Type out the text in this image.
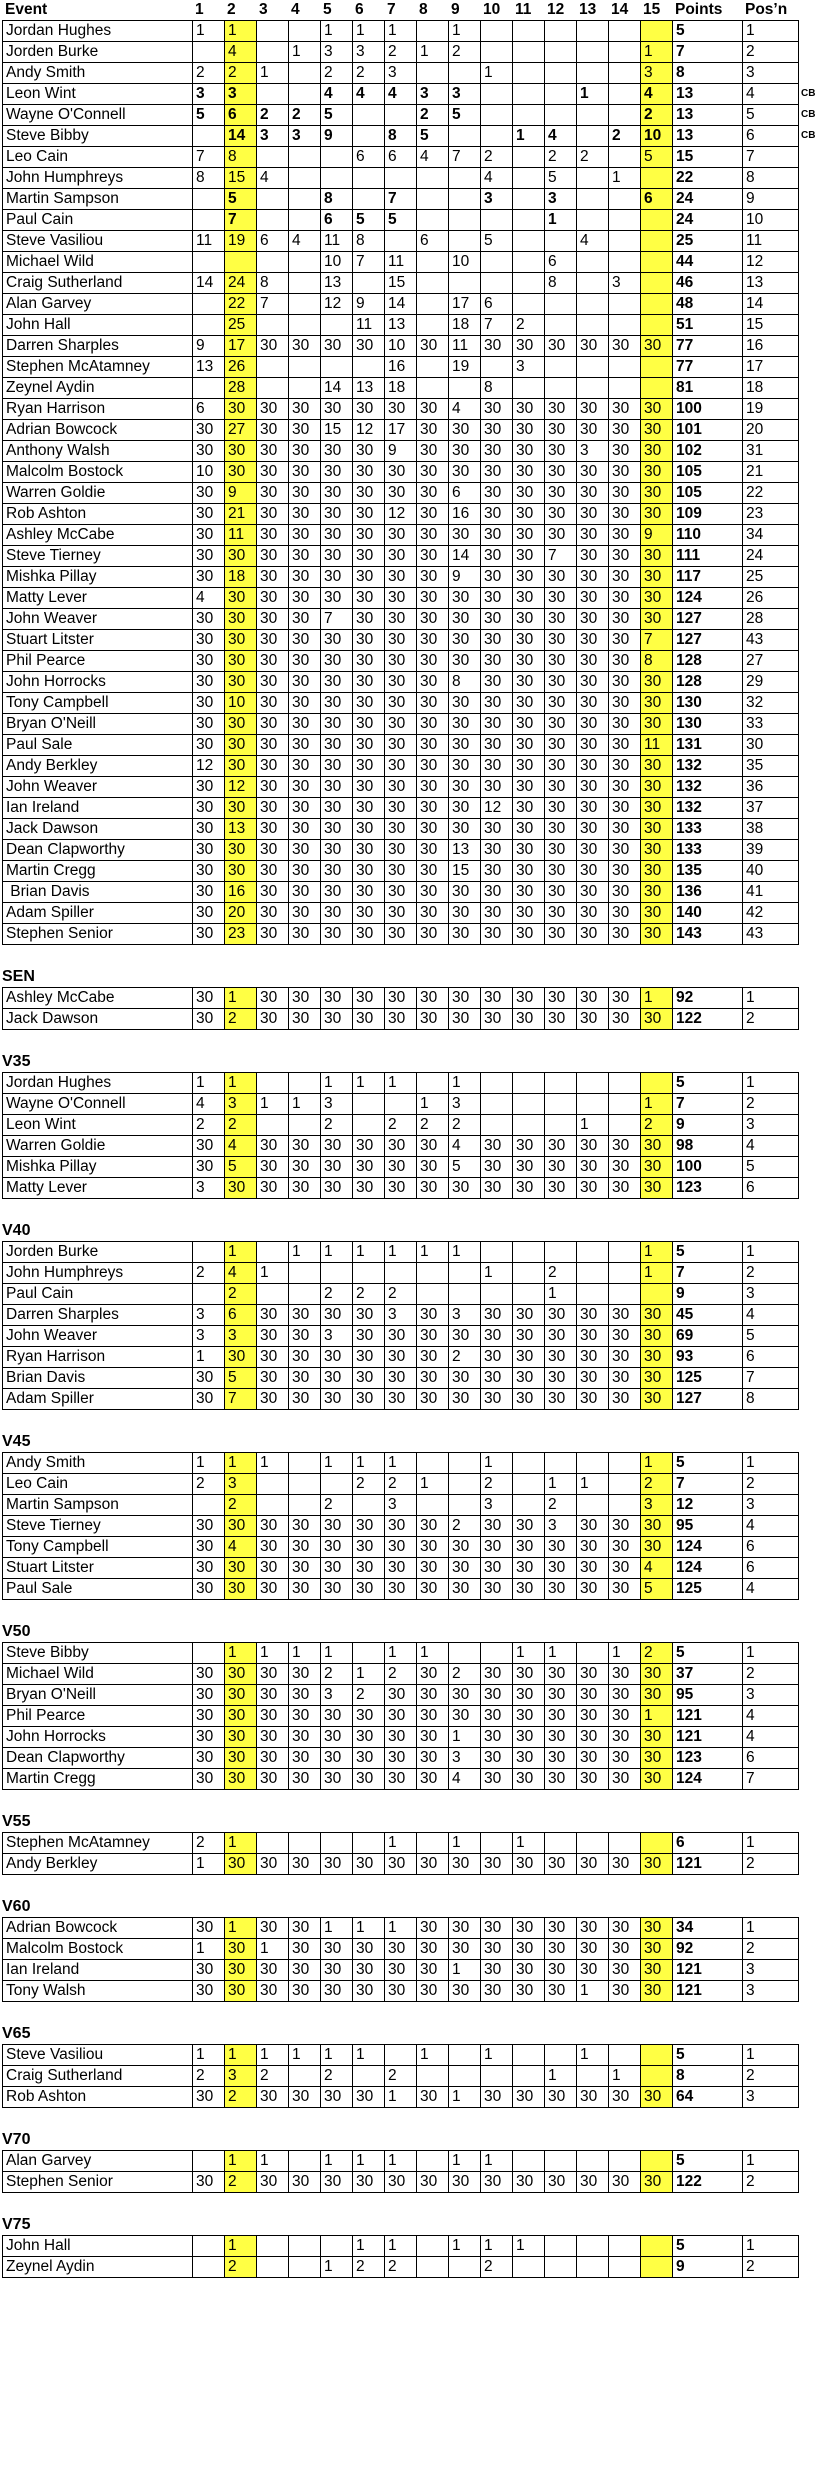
Event	1	2	3	4	5	6	7	8	9	10	11	12	13	14	15	Points	Pos’n	
Jordan Hughes	1	1			1	1	1		1							5	1	
Jorden Burke		4		1	3	3	2	1	2						1	7	2	
Andy Smith	2	2	1		2	2	3			1					3	8	3	
Leon Wint	3	3			4	4	4	3	3				1		4	13	4	CB
Wayne O'Connell	5	6	2	2	5			2	5						2	13	5	CB
Steve Bibby		14	3	3	9		8	5			1	4		2	10	13	6	CB
Leo Cain	7	8				6	6	4	7	2		2	2		5	15	7	
John Humphreys	8	15	4							4		5		1		22	8	
Martin Sampson		5			8		7			3		3			6	24	9	
Paul Cain		7			6	5	5					1				24	10	
Steve Vasiliou	11	19	6	4	11	8		6		5			4			25	11	
Michael Wild					10	7	11		10			6				44	12	
Craig Sutherland	14	24	8		13		15					8		3		46	13	
Alan Garvey		22	7		12	9	14		17	6						48	14	
John Hall		25				11	13		18	7	2					51	15	
Darren Sharples	9	17	30	30	30	30	10	30	11	30	30	30	30	30	30	77	16	
Stephen McAtamney	13	26					16		19		3					77	17	
Zeynel Aydin		28			14	13	18			8						81	18	
Ryan Harrison	6	30	30	30	30	30	30	30	4	30	30	30	30	30	30	100	19	
Adrian Bowcock	30	27	30	30	15	12	17	30	30	30	30	30	30	30	30	101	20	
Anthony Walsh	30	30	30	30	30	30	9	30	30	30	30	30	3	30	30	102	31	
Malcolm Bostock	10	30	30	30	30	30	30	30	30	30	30	30	30	30	30	105	21	
Warren Goldie	30	9	30	30	30	30	30	30	6	30	30	30	30	30	30	105	22	
Rob Ashton	30	21	30	30	30	30	12	30	16	30	30	30	30	30	30	109	23	
Ashley McCabe	30	11	30	30	30	30	30	30	30	30	30	30	30	30	9	110	34	
Steve Tierney	30	30	30	30	30	30	30	30	14	30	30	7	30	30	30	111	24	
Mishka Pillay	30	18	30	30	30	30	30	30	9	30	30	30	30	30	30	117	25	
Matty Lever	4	30	30	30	30	30	30	30	30	30	30	30	30	30	30	124	26	
John Weaver	30	30	30	30	7	30	30	30	30	30	30	30	30	30	30	127	28	
Stuart Litster	30	30	30	30	30	30	30	30	30	30	30	30	30	30	7	127	43	
Phil Pearce	30	30	30	30	30	30	30	30	30	30	30	30	30	30	8	128	27	
John Horrocks	30	30	30	30	30	30	30	30	8	30	30	30	30	30	30	128	29	
Tony Campbell	30	10	30	30	30	30	30	30	30	30	30	30	30	30	30	130	32	
Bryan O'Neill	30	30	30	30	30	30	30	30	30	30	30	30	30	30	30	130	33	
Paul Sale	30	30	30	30	30	30	30	30	30	30	30	30	30	30	11	131	30	
Andy Berkley	12	30	30	30	30	30	30	30	30	30	30	30	30	30	30	132	35	
John Weaver	30	12	30	30	30	30	30	30	30	30	30	30	30	30	30	132	36	
Ian Ireland	30	30	30	30	30	30	30	30	30	12	30	30	30	30	30	132	37	
Jack Dawson	30	13	30	30	30	30	30	30	30	30	30	30	30	30	30	133	38	
Dean Clapworthy	30	30	30	30	30	30	30	30	13	30	30	30	30	30	30	133	39	
Martin Cregg	30	30	30	30	30	30	30	30	15	30	30	30	30	30	30	135	40	
Brian Davis	30	16	30	30	30	30	30	30	30	30	30	30	30	30	30	136	41	
Adam Spiller	30	20	30	30	30	30	30	30	30	30	30	30	30	30	30	140	42	
Stephen Senior	30	23	30	30	30	30	30	30	30	30	30	30	30	30	30	143	43	
SEN
Ashley McCabe	30	1	30	30	30	30	30	30	30	30	30	30	30	30	1	92	1	
Jack Dawson	30	2	30	30	30	30	30	30	30	30	30	30	30	30	30	122	2	
V35
Jordan Hughes	1	1			1	1	1		1							5	1	
Wayne O'Connell	4	3	1	1	3			1	3						1	7	2	
Leon Wint	2	2			2		2	2	2				1		2	9	3	
Warren Goldie	30	4	30	30	30	30	30	30	4	30	30	30	30	30	30	98	4	
Mishka Pillay	30	5	30	30	30	30	30	30	5	30	30	30	30	30	30	100	5	
Matty Lever	3	30	30	30	30	30	30	30	30	30	30	30	30	30	30	123	6	
V40
Jorden Burke		1		1	1	1	1	1	1						1	5	1	
John Humphreys	2	4	1							1		2			1	7	2	
Paul Cain		2			2	2	2					1				9	3	
Darren Sharples	3	6	30	30	30	30	3	30	3	30	30	30	30	30	30	45	4	
John Weaver	3	3	30	30	3	30	30	30	30	30	30	30	30	30	30	69	5	
Ryan Harrison	1	30	30	30	30	30	30	30	2	30	30	30	30	30	30	93	6	
Brian Davis	30	5	30	30	30	30	30	30	30	30	30	30	30	30	30	125	7	
Adam Spiller	30	7	30	30	30	30	30	30	30	30	30	30	30	30	30	127	8	
V45
Andy Smith	1	1	1		1	1	1			1					1	5	1	
Leo Cain	2	3				2	2	1		2		1	1		2	7	2	
Martin Sampson		2			2		3			3		2			3	12	3	
Steve Tierney	30	30	30	30	30	30	30	30	2	30	30	3	30	30	30	95	4	
Tony Campbell	30	4	30	30	30	30	30	30	30	30	30	30	30	30	30	124	6	
Stuart Litster	30	30	30	30	30	30	30	30	30	30	30	30	30	30	4	124	6	
Paul Sale	30	30	30	30	30	30	30	30	30	30	30	30	30	30	5	125	4	
V50
Steve Bibby		1	1	1	1		1	1			1	1		1	2	5	1	
Michael Wild	30	30	30	30	2	1	2	30	2	30	30	30	30	30	30	37	2	
Bryan O'Neill	30	30	30	30	3	2	30	30	30	30	30	30	30	30	30	95	3	
Phil Pearce	30	30	30	30	30	30	30	30	30	30	30	30	30	30	1	121	4	
John Horrocks	30	30	30	30	30	30	30	30	1	30	30	30	30	30	30	121	4	
Dean Clapworthy	30	30	30	30	30	30	30	30	3	30	30	30	30	30	30	123	6	
Martin Cregg	30	30	30	30	30	30	30	30	4	30	30	30	30	30	30	124	7	
V55
Stephen McAtamney	2	1					1		1		1					6	1	
Andy Berkley	1	30	30	30	30	30	30	30	30	30	30	30	30	30	30	121	2	
V60
Adrian Bowcock	30	1	30	30	1	1	1	30	30	30	30	30	30	30	30	34	1	
Malcolm Bostock	1	30	1	30	30	30	30	30	30	30	30	30	30	30	30	92	2	
Ian Ireland	30	30	30	30	30	30	30	30	1	30	30	30	30	30	30	121	3	
Tony Walsh	30	30	30	30	30	30	30	30	30	30	30	30	1	30	30	121	3	
V65
Steve Vasiliou	1	1	1	1	1	1		1		1			1			5	1	
Craig Sutherland	2	3	2		2		2					1		1		8	2	
Rob Ashton	30	2	30	30	30	30	1	30	1	30	30	30	30	30	30	64	3	
V70
Alan Garvey		1	1		1	1	1		1	1						5	1	
Stephen Senior	30	2	30	30	30	30	30	30	30	30	30	30	30	30	30	122	2	
V75
John Hall		1				1	1		1	1	1					5	1	
Zeynel Aydin		2			1	2	2			2						9	2	
